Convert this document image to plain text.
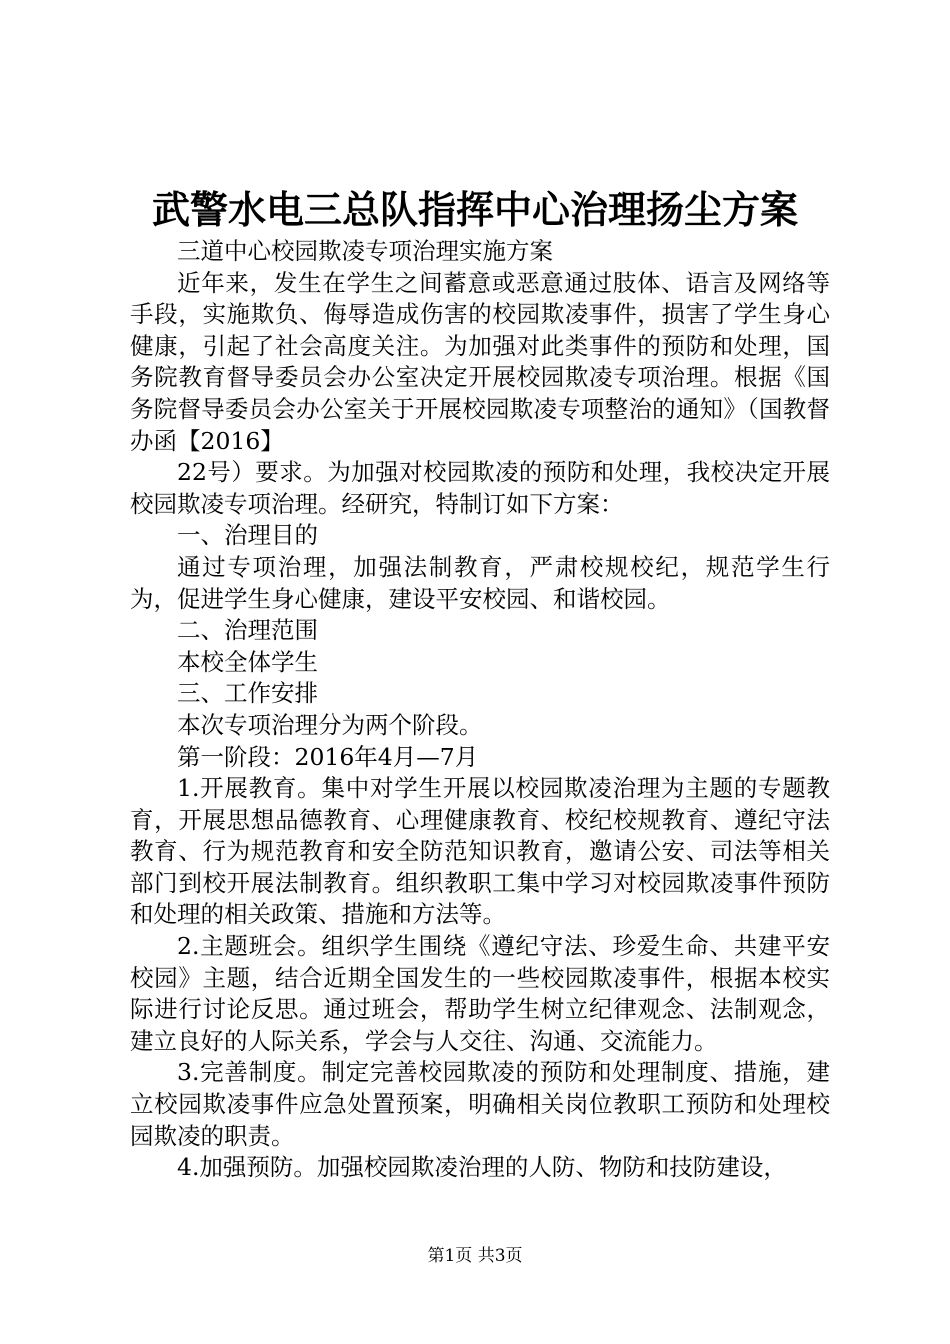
武警水电三总队指挥中心治理扬尘方案

三道中心校园欺凌专项治理实施方案

近年来，发生在学生之间蓄意或恶意通过肢体、语言及网络等手段，实施欺负、侮辱造成伤害的校园欺凌事件，损害了学生身心健康，引起了社会高度关注。为加强对此类事件的预防和处理，国务院教育督导委员会办公室决定开展校园欺凌专项治理。根据《国务院督导委员会办公室关于开展校园欺凌专项整治的通知》（国教督办函【2016】

22号）要求。为加强对校园欺凌的预防和处理，我校决定开展校园欺凌专项治理。经研究，特制订如下方案：

一、治理目的

通过专项治理，加强法制教育，严肃校规校纪，规范学生行为，促进学生身心健康，建设平安校园、和谐校园。

二、治理范围

本校全体学生

三、工作安排

本次专项治理分为两个阶段。

第一阶段：2016年4月—7月

1.开展教育。集中对学生开展以校园欺凌治理为主题的专题教育，开展思想品德教育、心理健康教育、校纪校规教育、遵纪守法教育、行为规范教育和安全防范知识教育，邀请公安、司法等相关部门到校开展法制教育。组织教职工集中学习对校园欺凌事件预防和处理的相关政策、措施和方法等。

2.主题班会。组织学生围绕《遵纪守法、珍爱生命、共建平安校园》主题，结合近期全国发生的一些校园欺凌事件，根据本校实际进行讨论反思。通过班会，帮助学生树立纪律观念、法制观念，建立良好的人际关系，学会与人交往、沟通、交流能力。

3.完善制度。制定完善校园欺凌的预防和处理制度、措施，建立校园欺凌事件应急处置预案，明确相关岗位教职工预防和处理校园欺凌的职责。

4.加强预防。加强校园欺凌治理的人防、物防和技防建设，

第1页 共3页
